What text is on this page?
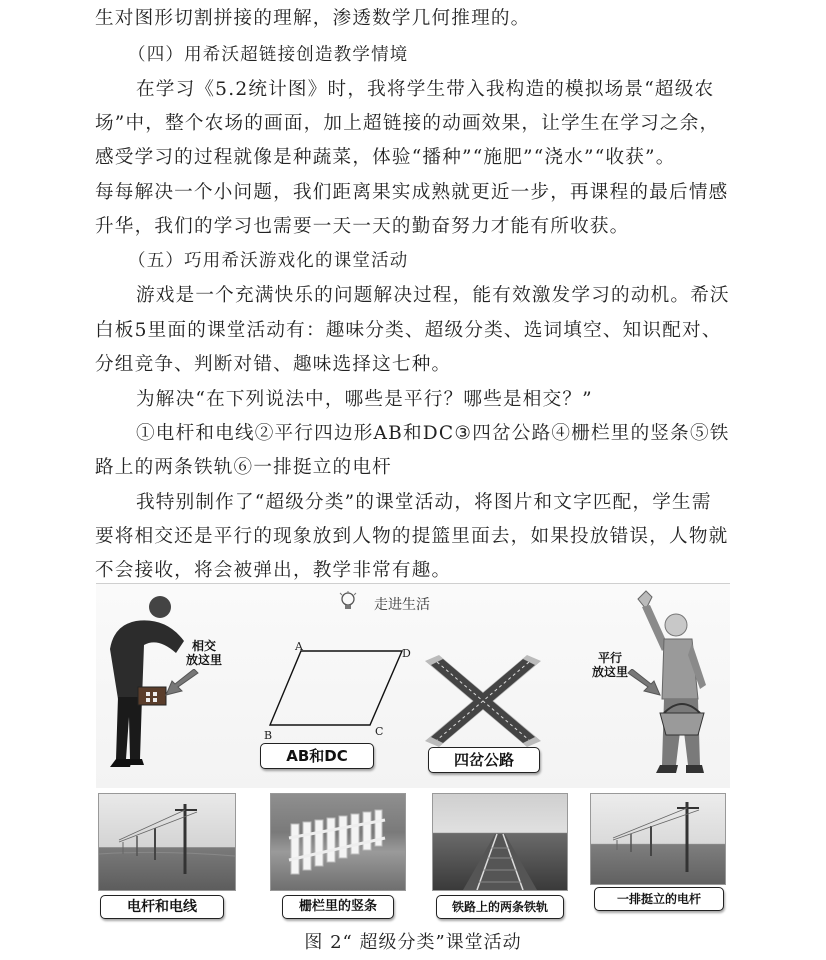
生对图形切割拼接的理解，渗透数学几何推理的。
（四）用希沃超链接创造教学情境
在学习《5.2统计图》时，我将学生带入我构造的模拟场景“超级农
场”中，整个农场的画面，加上超链接的动画效果，让学生在学习之余，
感受学习的过程就像是种蔬菜，体验“播种”“施肥”“浇水”“收获”。
每每解决一个小问题，我们距离果实成熟就更近一步，再课程的最后情感
升华，我们的学习也需要一天一天的勤奋努力才能有所收获。
（五）巧用希沃游戏化的课堂活动
游戏是一个充满快乐的问题解决过程，能有效激发学习的动机。希沃
白板5里面的课堂活动有：趣味分类、超级分类、选词填空、知识配对、
分组竞争、判断对错、趣味选择这七种。
为解决“在下列说法中，哪些是平行？哪些是相交？”
①电杆和电线②平行四边形AB和DC③四岔公路④栅栏里的竖条⑤铁
路上的两条铁轨⑥一排挺立的电杆
我特别制作了“超级分类”的课堂活动，将图片和文字匹配，学生需
要将相交还是平行的现象放到人物的提篮里面去，如果投放错误，人物就
不会接收，将会被弹出，教学非常有趣。
走进生活
相交
放这里
A
D
B	C
AB和DC	四岔公路
平行
放这里
电杆和电线	栅栏里的竖条	铁路上的两条铁轨
一排挺立的电杆
图 2“ 超级分类”课堂活动
